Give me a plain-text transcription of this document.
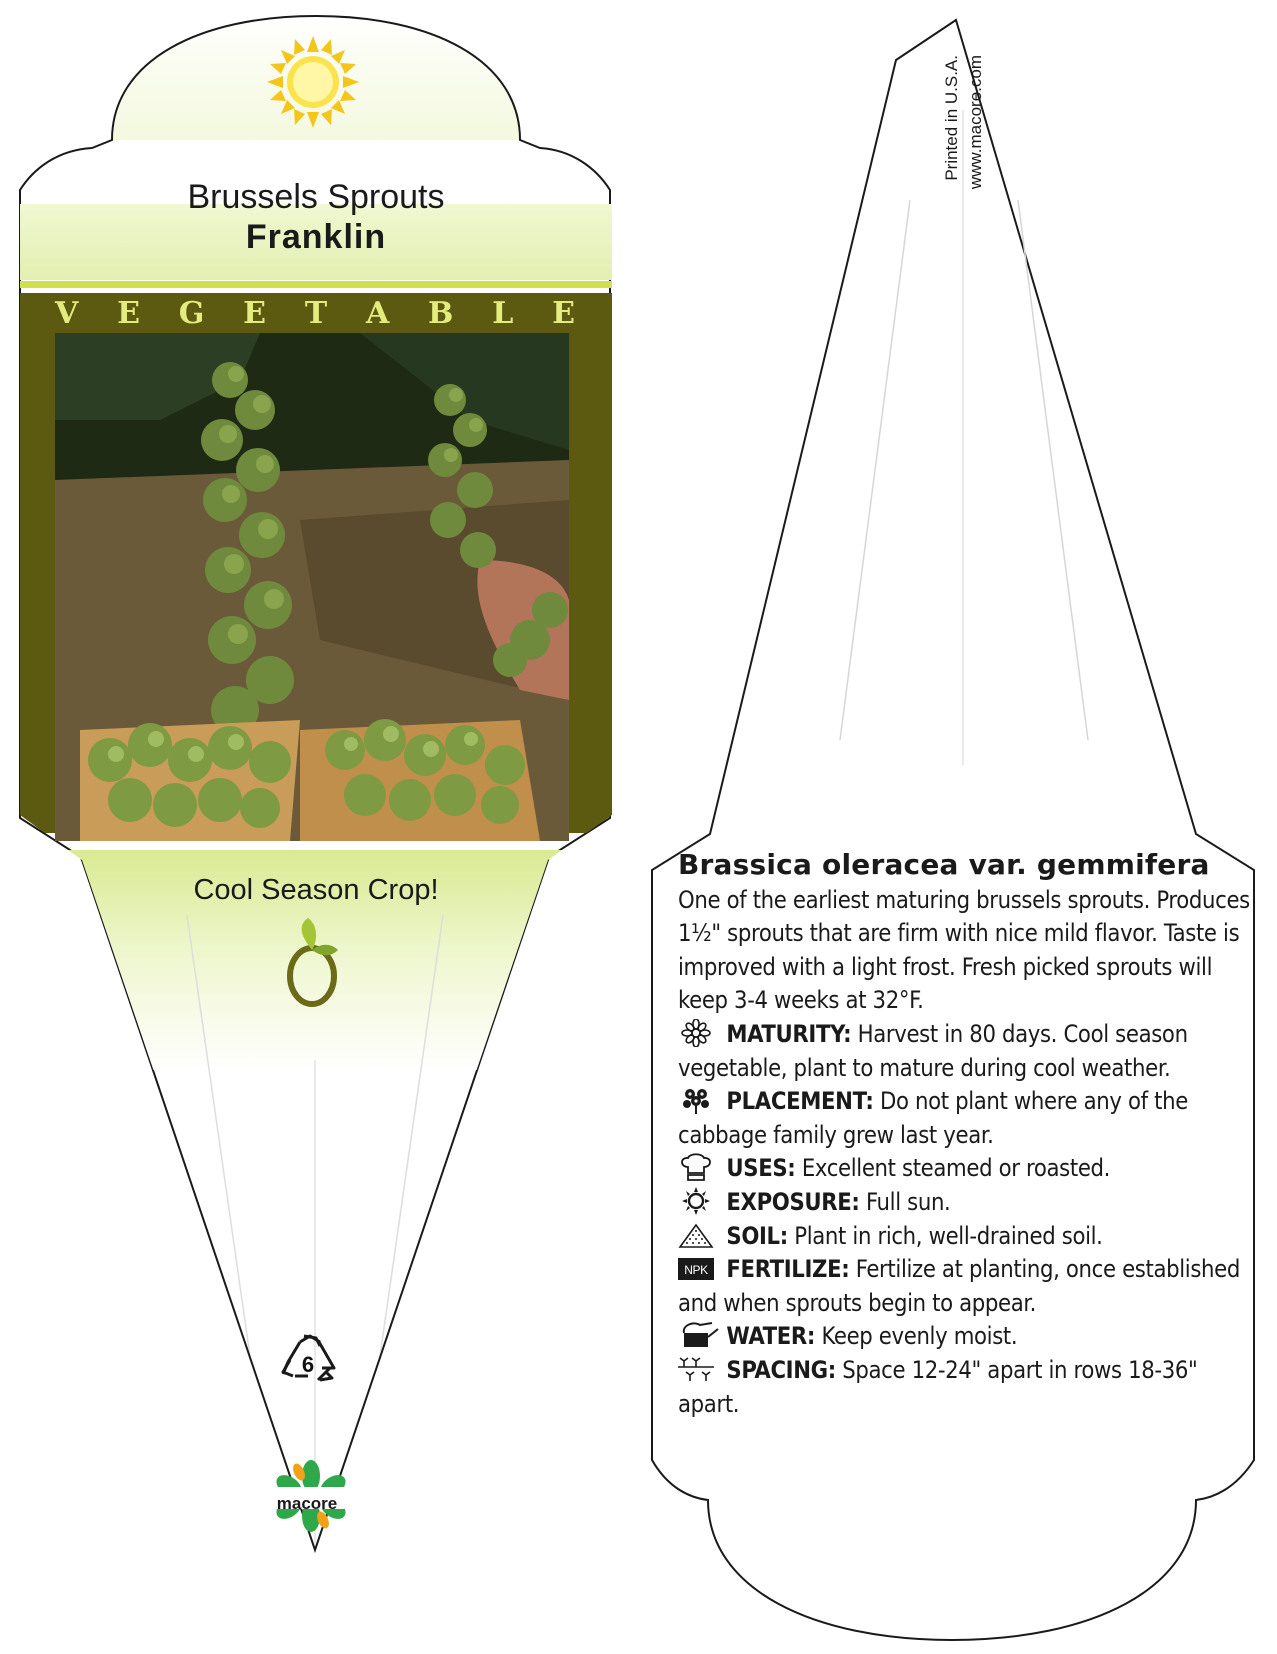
Brussels Sprouts
Franklin
V E G E T A B L E
Cool Season Crop!
6
macore
Printed in U.S.A. www.macore.com
Brassica oleracea var. gemmifera

One of the earliest maturing brussels sprouts. Produces 1½" sprouts that are firm with nice mild flavor. Taste is improved with a light frost. Fresh picked sprouts will keep 3-4 weeks at 32°F.

MATURITY: Harvest in 80 days. Cool season vegetable, plant to mature during cool weather.

PLACEMENT: Do not plant where any of the cabbage family grew last year.

USES: Excellent steamed or roasted.

EXPOSURE: Full sun.

SOIL: Plant in rich, well-drained soil.

NPK FERTILIZE: Fertilize at planting, once established and when sprouts begin to appear.

WATER: Keep evenly moist.

SPACING: Space 12-24" apart in rows 18-36" apart.
